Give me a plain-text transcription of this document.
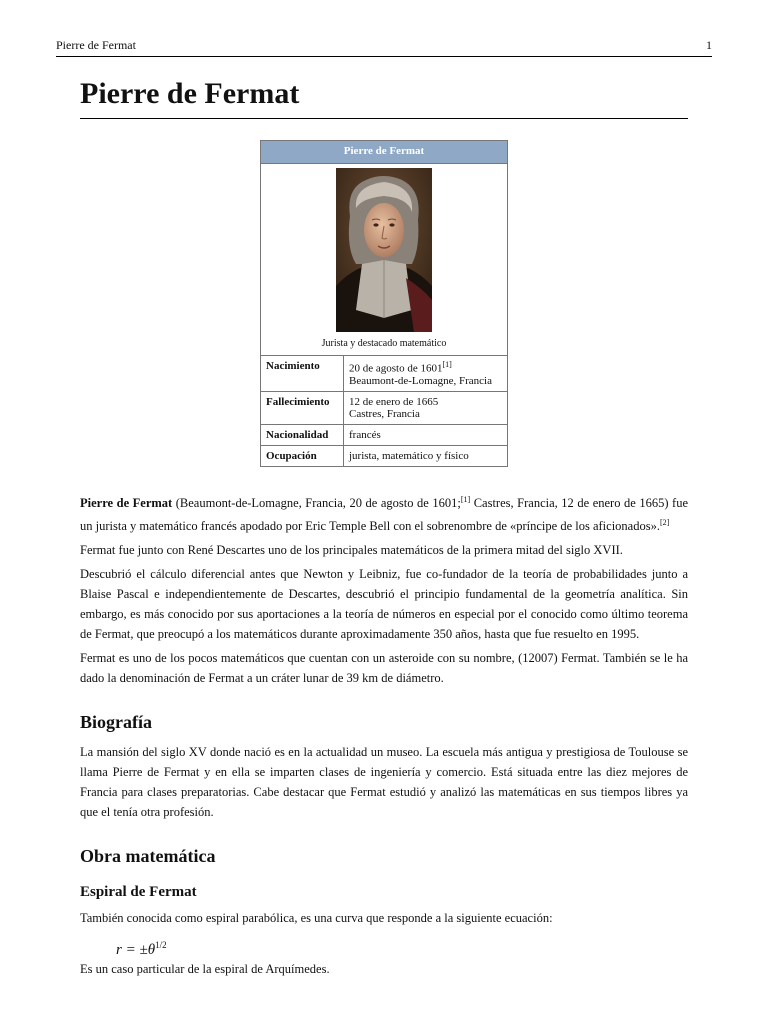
Pierre de Fermat	1
Pierre de Fermat
Pierre de Fermat	

Jurista y destacado matemático	

Nacimiento	20 de agosto de 1601[1]
Beaumont-de-Lomagne, Francia
Fallecimiento	12 de enero de 1665
Castres, Francia
Nacionalidad	francés
Ocupación	jurista, matemático y físico

Pierre de Fermat (Beaumont-de-Lomagne, Francia, 20 de agosto de 1601;[1] Castres, Francia, 12 de enero de 1665) fue un jurista y matemático francés apodado por Eric Temple Bell con el sobrenombre de «príncipe de los aficionados».[2]

Fermat fue junto con René Descartes uno de los principales matemáticos de la primera mitad del siglo XVII.

Descubrió el cálculo diferencial antes que Newton y Leibniz, fue co-fundador de la teoría de probabilidades junto a Blaise Pascal e independientemente de Descartes, descubrió el principio fundamental de la geometría analítica. Sin embargo, es más conocido por sus aportaciones a la teoría de números en especial por el conocido como último teorema de Fermat, que preocupó a los matemáticos durante aproximadamente 350 años, hasta que fue resuelto en 1995.

Fermat es uno de los pocos matemáticos que cuentan con un asteroide con su nombre, (12007) Fermat. También se le ha dado la denominación de Fermat a un cráter lunar de 39 km de diámetro.

Biografía

La mansión del siglo XV donde nació es en la actualidad un museo. La escuela más antigua y prestigiosa de Toulouse se llama Pierre de Fermat y en ella se imparten clases de ingeniería y comercio. Está situada entre las diez mejores de Francia para clases preparatorias. Cabe destacar que Fermat estudió y analizó las matemáticas en sus tiempos libres ya que el tenía otra profesión.

Obra matemática
Espiral de Fermat

También conocida como espiral parabólica, es una curva que responde a la siguiente ecuación:

$r = \pm\theta^{1/2}$

Es un caso particular de la espiral de Arquímedes.
